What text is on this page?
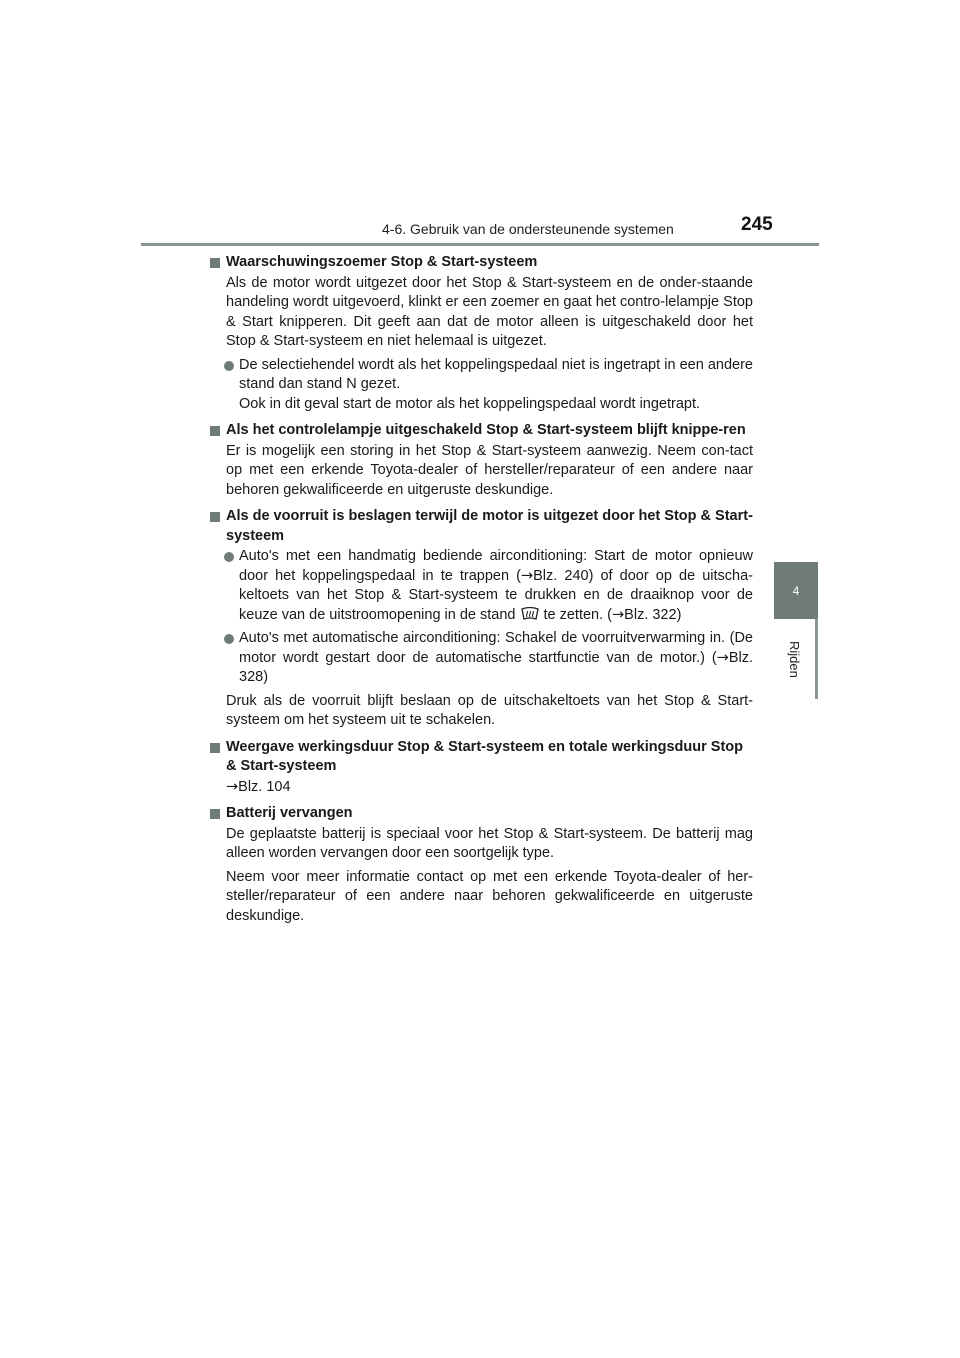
4-6. Gebruik van de ondersteunende systemen	245
4
Rijden
Waarschuwingszoemer Stop & Start-systeem
Als de motor wordt uitgezet door het Stop & Start-systeem en de onder-staande handeling wordt uitgevoerd, klinkt er een zoemer en gaat het contro-lelampje Stop & Start knipperen. Dit geeft aan dat de motor alleen is uitgeschakeld door het Stop & Start-systeem en niet helemaal is uitgezet.
De selectiehendel wordt als het koppelingspedaal niet is ingetrapt in een andere stand dan stand N gezet.
Ook in dit geval start de motor als het koppelingspedaal wordt ingetrapt.
Als het controlelampje uitgeschakeld Stop & Start-systeem blijft knippe-ren
Er is mogelijk een storing in het Stop & Start-systeem aanwezig. Neem con-tact op met een erkende Toyota-dealer of hersteller/reparateur of een andere naar behoren gekwalificeerde en uitgeruste deskundige.
Als de voorruit is beslagen terwijl de motor is uitgezet door het Stop & Start-systeem
Auto's met een handmatig bediende airconditioning: Start de motor opnieuw door het koppelingspedaal in te trappen (→Blz. 240) of door op de uitscha-keltoets van het Stop & Start-systeem te drukken en de draaiknop voor de keuze van de uitstroomopening in de stand te zetten. (→Blz. 322)
Auto's met automatische airconditioning: Schakel de voorruitverwarming in. (De motor wordt gestart door de automatische startfunctie van de motor.) (→Blz. 328)
Druk als de voorruit blijft beslaan op de uitschakeltoets van het Stop & Start-systeem om het systeem uit te schakelen.
Weergave werkingsduur Stop & Start-systeem en totale werkingsduur Stop & Start-systeem
→Blz. 104
Batterij vervangen
De geplaatste batterij is speciaal voor het Stop & Start-systeem. De batterij mag alleen worden vervangen door een soortgelijk type.
Neem voor meer informatie contact op met een erkende Toyota-dealer of her-steller/reparateur of een andere naar behoren gekwalificeerde en uitgeruste deskundige.
